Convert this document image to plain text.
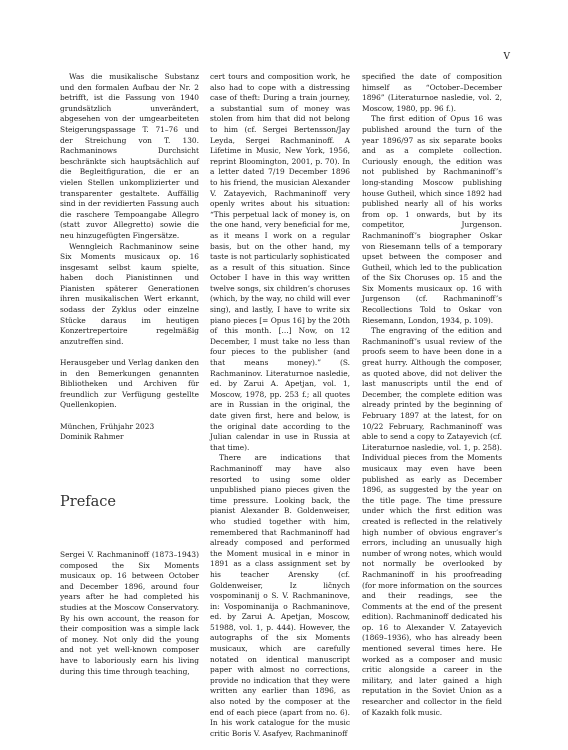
V

Was die musikalische Substanz und den formalen Aufbau der Nr. 2 betrifft, ist die Fassung von 1940 grundsätzlich unverändert, abgesehen von der umgearbeiteten Steigerungspassage T. 71–76 und der Streichung von T. 130. Rachmaninows Durchsicht beschränkte sich hauptsächlich auf die Begleitfiguration, die er an vielen Stellen unkomplizierter und transparenter gestaltete. Auffällig sind in der revidierten Fassung auch die raschere Tempoangabe Allegro (statt zuvor Allegretto) sowie die neu hinzugefügten Fingersätze.

Wenngleich Rachmaninow seine Six Moments musicaux op. 16 insgesamt selbst kaum spielte, haben doch Pianistinnen und Pianisten späterer Generationen ihren musikalischen Wert erkannt, sodass der Zyklus oder einzelne Stücke daraus im heutigen Konzertrepertoire regelmäßig anzutreffen sind.

Herausgeber und Verlag danken den in den Bemerkungen genannten Bibliotheken und Archiven für freundlich zur Verfügung gestellte Quellenkopien.

München, Frühjahr 2023

Dominik Rahmer

Preface

Sergei V. Rachmaninoff (1873–1943) composed the Six Moments musicaux op. 16 between October and December 1896, around four years after he had completed his studies at the Moscow Conservatory. By his own account, the reason for their composition was a simple lack of money. Not only did the young and not yet well-known composer have to laboriously earn his living during this time through teaching,

cert tours and composition work, he also had to cope with a distressing case of theft: During a train journey, a substantial sum of money was stolen from him that did not belong to him (cf. Sergei Bertensson/Jay Leyda, Sergei Rachmaninoff. A Lifetime in Music, New York, 1956, reprint Bloomington, 2001, p. 70). In a letter dated 7/19 December 1896 to his friend, the musician Alexander V. Zatayevich, Rachmaninoff very openly writes about his situation: “This perpetual lack of money is, on the one hand, very beneficial for me, as it means I work on a regular basis, but on the other hand, my taste is not particularly sophisticated as a result of this situation. Since October I have in this way written twelve songs, six children’s choruses (which, by the way, no child will ever sing), and lastly, I have to write six piano pieces [= Opus 16] by the 20th of this month. […] Now, on 12 December, I must take no less than four pieces to the publisher (and that means money).” (S. Rachmaninov. Literaturnoe nasledie, ed. by Zarui A. Apetjan, vol. 1, Moscow, 1978, pp. 253 f.; all quotes are in Russian in the original, the date given first, here and below, is the original date according to the Julian calendar in use in Russia at that time).

There are indications that Rachmaninoff may have also resorted to using some older unpublished piano pieces given the time pressure. Looking back, the pianist Alexander B. Goldenweiser, who studied together with him, remembered that Rachmaninoff had already composed and performed the Moment musical in e minor in 1891 as a class assignment set by his teacher Arensky (cf. Goldenweiser, Iz ličnych vospominanij o S. V. Rachmaninove, in: Vospominanija o Rachmaninove, ed. by Zarui A. Apetjan, Moscow, 51988, vol. 1, p. 444). However, the autographs of the six Moments musicaux, which are carefully notated on identical manuscript paper with almost no corrections, provide no indication that they were written any earlier than 1896, as also noted by the composer at the end of each piece (apart from no. 6). In his work catalogue for the music critic Boris V. Asafyev, Rachmaninoff

specified the date of composition himself as “October–December 1896” (Literaturnoe nasledie, vol. 2, Moscow, 1980, pp. 96 f.).

The first edition of Opus 16 was published around the turn of the year 1896/97 as six separate books and as a complete collection. Curiously enough, the edition was not published by Rachmaninoff’s long-standing Moscow publishing house Gutheil, which since 1892 had published nearly all of his works from op. 1 onwards, but by its competitor, Jurgenson. Rachmaninoff’s biographer Oskar von Riesemann tells of a temporary upset between the composer and Gutheil, which led to the publication of the Six Choruses op. 15 and the Six Moments musicaux op. 16 with Jurgenson (cf. Rachmaninoff’s Recollections Told to Oskar von Riesemann, London, 1934, p. 109).

The engraving of the edition and Rachmaninoff’s usual review of the proofs seem to have been done in a great hurry. Although the composer, as quoted above, did not deliver the last manuscripts until the end of December, the complete edition was already printed by the beginning of February 1897 at the latest, for on 10/22 February, Rachmaninoff was able to send a copy to Zatayevich (cf. Literaturnoe nasledie, vol. 1, p. 258). Individual pieces from the Moments musicaux may even have been published as early as December 1896, as suggested by the year on the title page. The time pressure under which the first edition was created is reflected in the relatively high number of obvious engraver’s errors, including an unusually high number of wrong notes, which would not normally be overlooked by Rachmaninoff in his proofreading (for more information on the sources and their readings, see the Comments at the end of the present edition). Rachmaninoff dedicated his op. 16 to Alexander V. Zatayevich (1869–1936), who has already been mentioned several times here. He worked as a composer and music critic alongside a career in the military, and later gained a high reputation in the Soviet Union as a researcher and collector in the field of Kazakh folk music.
